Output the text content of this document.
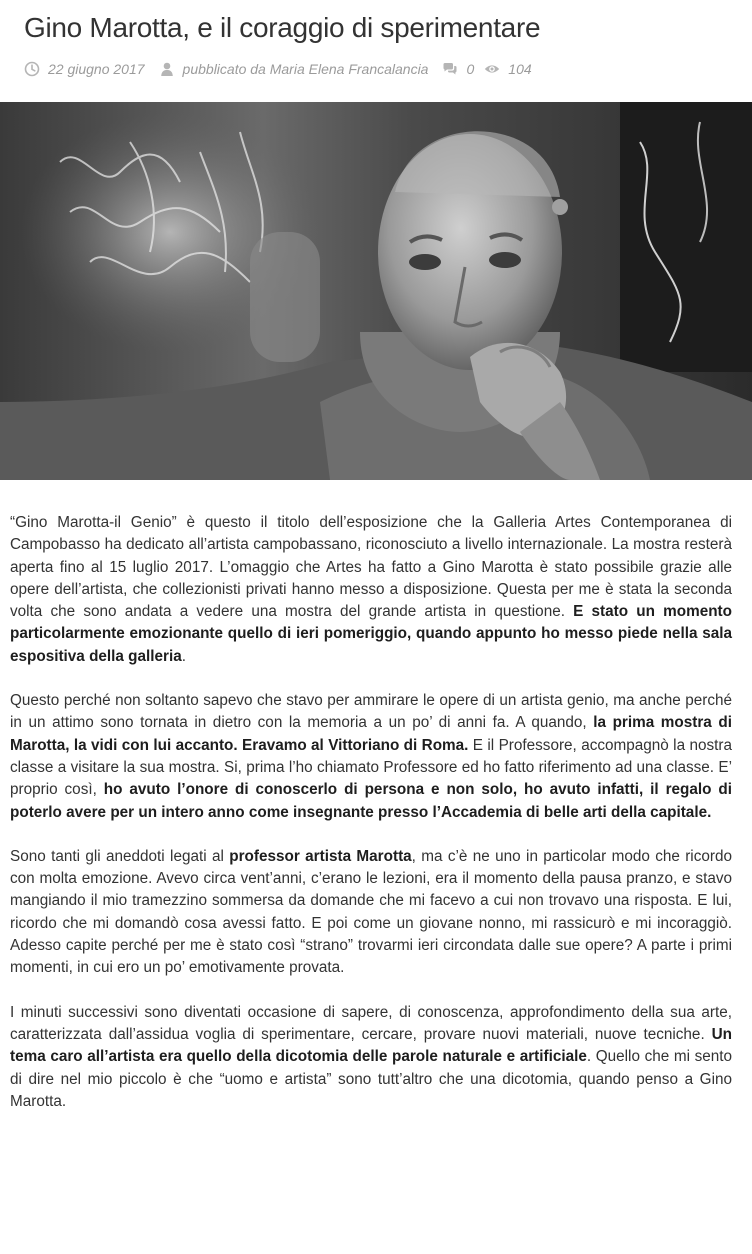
Gino Marotta, e il coraggio di sperimentare
22 giugno 2017	pubblicato da Maria Elena Francalancia	0 104

“Gino Marotta-il Genio” è questo il titolo dell’esposizione che la Galleria Artes Contemporanea di Campobasso ha dedicato all’artista campobassano, riconosciuto a livello internazionale. La mostra resterà aperta fino al 15 luglio 2017. L’omaggio che Artes ha fatto a Gino Marotta è stato possibile grazie alle opere dell’artista, che collezionisti privati hanno messo a disposizione. Questa per me è stata la seconda volta che sono andata a vedere una mostra del grande artista in questione. E stato un momento particolarmente emozionante quello di ieri pomeriggio, quando appunto ho messo piede nella sala espositiva della galleria.

Questo perché non soltanto sapevo che stavo per ammirare le opere di un artista genio, ma anche perché in un attimo sono tornata in dietro con la memoria a un po’ di anni fa. A quando, la prima mostra di Marotta, la vidi con lui accanto. Eravamo al Vittoriano di Roma. E il Professore, accompagnò la nostra classe a visitare la sua mostra. Si, prima l’ho chiamato Professore ed ho fatto riferimento ad una classe. E’ proprio così, ho avuto l’onore di conoscerlo di persona e non solo, ho avuto infatti, il regalo di poterlo avere per un intero anno come insegnante presso l’Accademia di belle arti della capitale.

Sono tanti gli aneddoti legati al professor artista Marotta, ma c’è ne uno in particolar modo che ricordo con molta emozione. Avevo circa vent’anni, c’erano le lezioni, era il momento della pausa pranzo, e stavo mangiando il mio tramezzino sommersa da domande che mi facevo a cui non trovavo una risposta. E lui, ricordo che mi domandò cosa avessi fatto. E poi come un giovane nonno, mi rassicurò e mi incoraggiò. Adesso capite perché per me è stato così “strano” trovarmi ieri circondata dalle sue opere? A parte i primi momenti, in cui ero un po’ emotivamente provata.

I minuti successivi sono diventati occasione di sapere, di conoscenza, approfondimento della sua arte, caratterizzata dall’assidua voglia di sperimentare, cercare, provare nuovi materiali, nuove tecniche. Un tema caro all’artista era quello della dicotomia delle parole naturale e artificiale. Quello che mi sento di dire nel mio piccolo è che “uomo e artista” sono tutt’altro che una dicotomia, quando penso a Gino Marotta.
